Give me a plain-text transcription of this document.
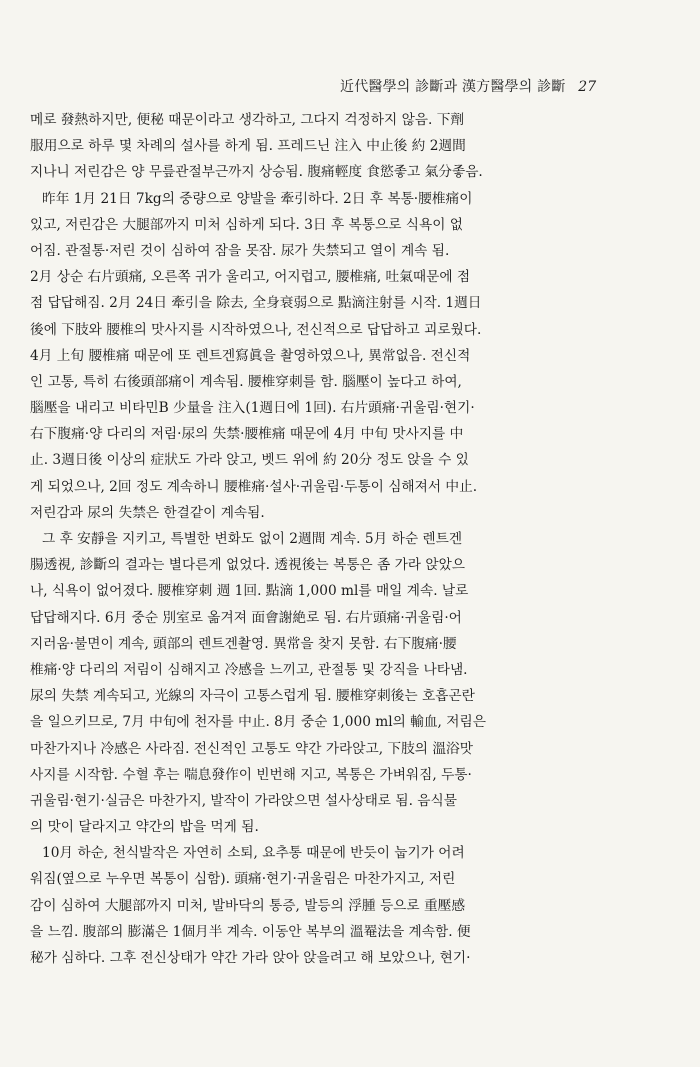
近代醫學의 診斷과 漢方醫學의 診斷 27
메로 發熱하지만, 便秘 때문이라고 생각하고, 그다지 걱정하지 않음. 下劑
服用으로 하루 몇 차례의 설사를 하게 됨. 프레드닌 注入 中止後 約 2週間
지나니 저린감은 양 무릎관절부근까지 상승됨. 腹痛輕度 食慾좋고 氣分좋음.
昨年 1月 21日 7kg의 중량으로 양발을 牽引하다. 2日 후 복통·腰椎痛이
있고, 저린감은 大腿部까지 미처 심하게 되다. 3日 후 복통으로 식욕이 없
어짐. 관절통·저린 것이 심하여 잠을 못잠. 尿가 失禁되고 열이 계속 됨.
2月 상순 右片頭痛, 오른쪽 귀가 울리고, 어지럽고, 腰椎痛, 吐氣때문에 점
점 답답해짐. 2月 24日 牽引을 除去, 全身衰弱으로 點滴注射를 시작. 1週日
後에 下肢와 腰椎의 맛사지를 시작하였으나, 전신적으로 답답하고 괴로웠다.
4月 上旬 腰椎痛 때문에 또 렌트겐寫眞을 촬영하였으나, 異常없음. 전신적
인 고통, 특히 右後頭部痛이 계속됨. 腰椎穿刺를 함. 腦壓이 높다고 하여,
腦壓을 내리고 비타민B 少量을 注入(1週日에 1回). 右片頭痛·귀울림·현기·
右下腹痛·양 다리의 저림·尿의 失禁·腰椎痛 때문에 4月 中旬 맛사지를 中
止. 3週日後 이상의 症狀도 가라 앉고, 벳드 위에 約 20分 정도 앉을 수 있
게 되었으나, 2回 정도 계속하니 腰椎痛·설사·귀울림·두통이 심해져서 中止.
저린감과 尿의 失禁은 한결같이 계속됨.
그 후 安靜을 지키고, 특별한 변화도 없이 2週間 계속. 5月 하순 렌트겐
腸透視, 診斷의 결과는 별다른게 없었다. 透視後는 복통은 좀 가라 앉았으
나, 식욕이 없어졌다. 腰椎穿刺 週 1回. 點滴 1,000 ml를 매일 계속. 날로
답답해지다. 6月 중순 別室로 옮겨져 面會謝絶로 됨. 右片頭痛·귀울림·어
지러움·불면이 계속, 頭部의 렌트겐촬영. 異常을 찾지 못함. 右下腹痛·腰
椎痛·양 다리의 저림이 심해지고 冷感을 느끼고, 관절통 및 강직을 나타냄.
尿의 失禁 계속되고, 光線의 자극이 고통스럽게 됨. 腰椎穿刺後는 호흡곤란
을 일으키므로, 7月 中旬에 천자를 中止. 8月 중순 1,000 ml의 輸血, 저림은
마찬가지나 冷感은 사라짐. 전신적인 고통도 약간 가라앉고, 下肢의 溫浴맛
사지를 시작함. 수혈 후는 喘息發作이 빈번해 지고, 복통은 가벼워짐, 두통·
귀울림·현기·실금은 마찬가지, 발작이 가라앉으면 설사상태로 됨. 음식물
의 맛이 달라지고 약간의 밥을 먹게 됨.
10月 하순, 천식발작은 자연히 소퇴, 요추통 때문에 반듯이 눕기가 어려
워짐(옆으로 누우면 복통이 심함). 頭痛·현기·귀울림은 마찬가지고, 저린
감이 심하여 大腿部까지 미처, 발바닥의 통증, 발등의 浮腫 등으로 重壓感
을 느낌. 腹部의 膨滿은 1個月半 계속. 이동안 복부의 溫罨法을 계속함. 便
秘가 심하다. 그후 전신상태가 약간 가라 앉아 앉을려고 해 보았으나, 현기·
